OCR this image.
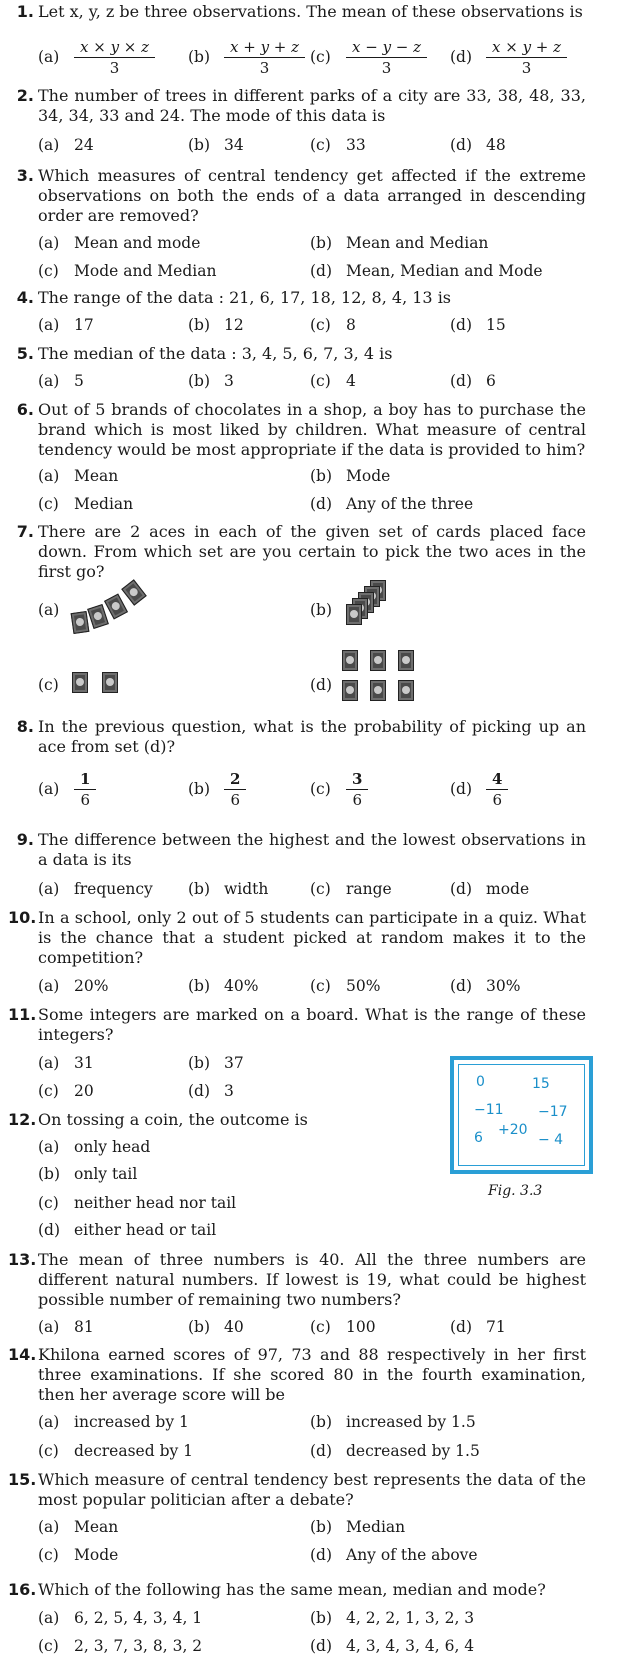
1. Let x, y, z be three observations. The mean of these observations is
$(a) \frac{x \times y \times z}{3} (b) \frac{x + y + z}{3} (c) \frac{x - y - z}{3} (d) \frac{x \times y + z}{3}$
2. The number of trees in different parks of a city are 33, 38, 48, 33, 34, 34, 33 and 24. The mode of this data is
(a) 24	(b) 34	(c) 33	(d) 48
3. Which measures of central tendency get affected if the extreme observations on both the ends of a data arranged in descending order are removed?
(a) Mean and mode	(b) Mean and Median
(c) Mode and Median	(d) Mean, Median and Mode
4. The range of the data : 21, 6, 17, 18, 12, 8, 4, 13 is
(a) 17	(b) 12	(c) 8	(d) 15
5. The median of the data : 3, 4, 5, 6, 7, 3, 4 is
(a) 5	(b) 3	(c) 4	(d) 6
6. Out of 5 brands of chocolates in a shop, a boy has to purchase the brand which is most liked by children. What measure of central tendency would be most appropriate if the data is provided to him?
(a) Mean	(b) Mode
(c) Median	(d) Any of the three
7. There are 2 aces in each of the given set of cards placed face down. From which set are you certain to pick the two aces in the first go?
(a)	(b)
(c)	(d)
8. In the previous question, what is the probability of picking up an ace from set (d)?
$(a) \frac{1}{6}$	$(b) \frac{2}{6}$	$(c) \frac{3}{6}$	$(d) \frac{4}{6}$
9. The difference between the highest and the lowest observations in a data is its
(a) frequency (b) width	(c) range	(d) mode
10. In a school, only 2 out of 5 students can participate in a quiz. What is the chance that a student picked at random makes it to the competition?
(a) 20%	(b) 40%	(c) 50%	(d) 30%
11. Some integers are marked on a board. What is the range of these integers?
(a) 31	(b) 37
(c) 20	(d) 3	0	15
−11 −17
+20
6	− 4
Fig. 3.3
12. On tossing a coin, the outcome is
(a) only head
(b) only tail
(c) neither head nor tail
(d) either head or tail
13. The mean of three numbers is 40. All the three numbers are different natural numbers. If lowest is 19, what could be highest possible number of remaining two numbers?
(a) 81	(b) 40	(c) 100	(d) 71
14. Khilona earned scores of 97, 73 and 88 respectively in her first three examinations. If she scored 80 in the fourth examination, then her average score will be
(a) increased by 1	(b) increased by 1.5
(c) decreased by 1	(d) decreased by 1.5
15. Which measure of central tendency best represents the data of the most popular politician after a debate?
(a) Mean	(b) Median
(c) Mode	(d) Any of the above
16. Which of the following has the same mean, median and mode?
(a) 6, 2, 5, 4, 3, 4, 1	(b) 4, 2, 2, 1, 3, 2, 3
(c) 2, 3, 7, 3, 8, 3, 2	(d) 4, 3, 4, 3, 4, 6, 4
